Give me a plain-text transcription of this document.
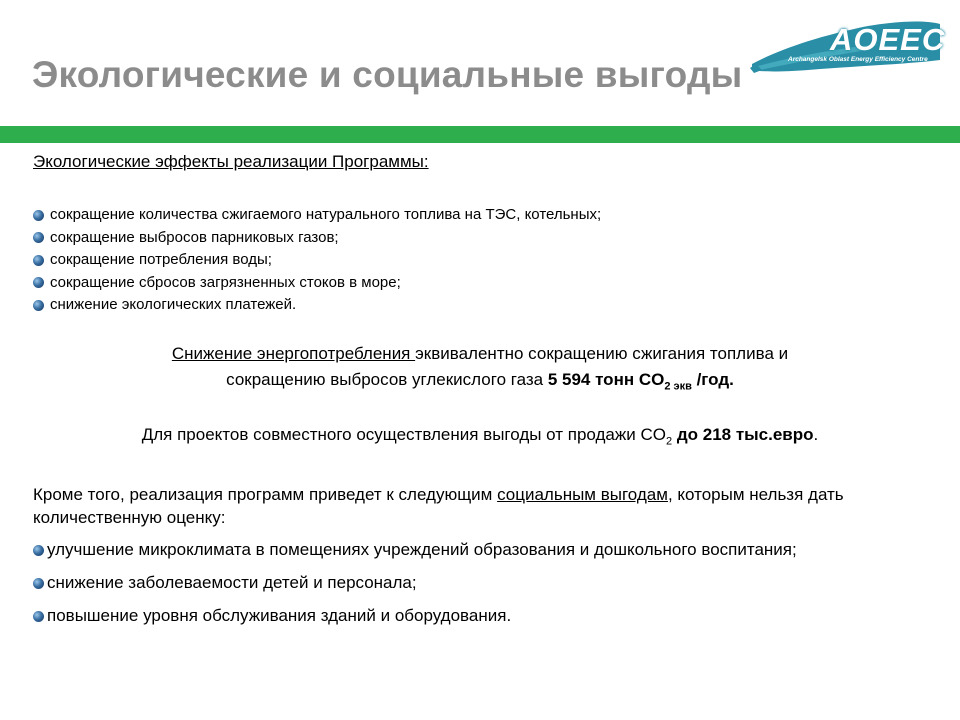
Экологические и социальные выгоды
AOEEC
Archangelsk Oblast Energy Efficiency Centre
Экологические эффекты реализации Программы:
сокращение количества сжигаемого натурального топлива на ТЭС, котельных;
сокращение выбросов парниковых газов;
сокращение потребления воды;
сокращение сбросов загрязненных стоков в море;
снижение экологических платежей.
Снижение энергопотребления эквивалентно сокращению сжигания топлива и
сокращению выбросов углекислого газа 5 594 тонн $CO_{2 экв}$ /год.
Для проектов совместного осуществления выгоды от продажи $CO_2$ до 218 тыс.евро.

Кроме того, реализация программ приведет к следующим социальным выгодам, которым нельзя дать количественную оценку:

улучшение микроклимата в помещениях учреждений образования и дошкольного воспитания;
снижение заболеваемости детей и персонала;
повышение уровня обслуживания зданий и оборудования.
